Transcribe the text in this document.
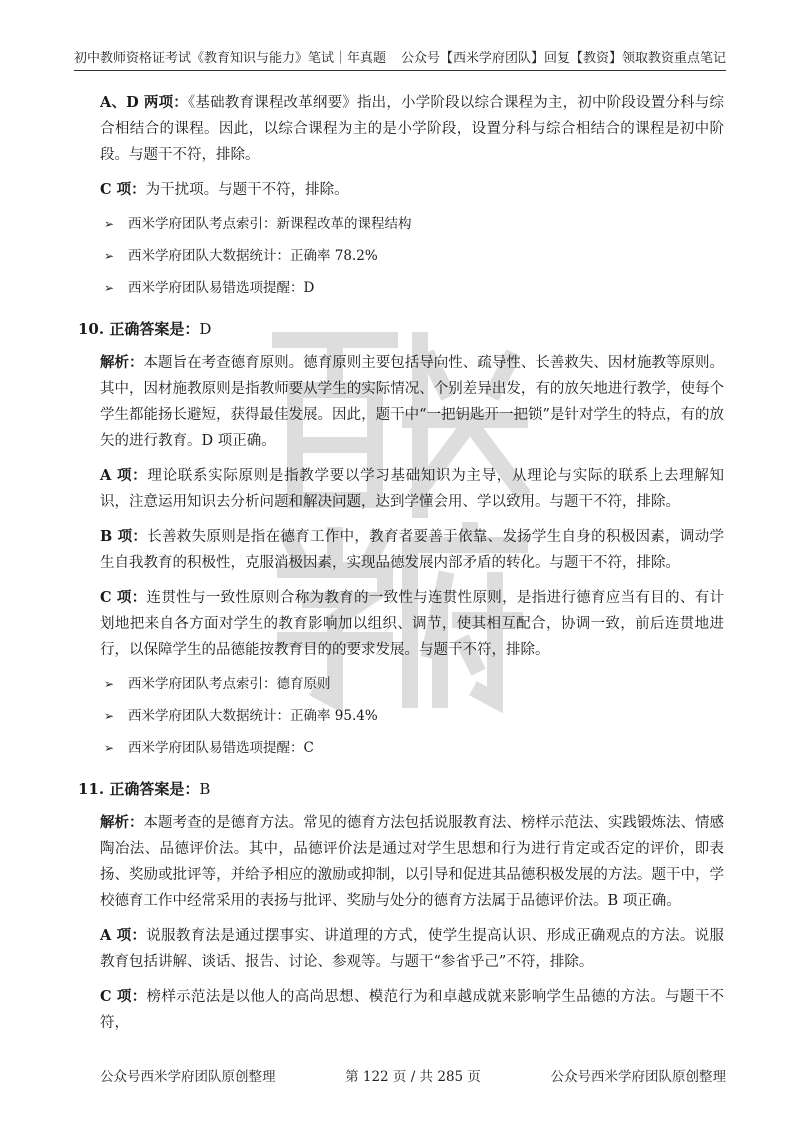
初中教师资格证考试《教育知识与能力》笔试｜年真题 公众号【西米学府团队】回复【教资】领取教资重点笔记
西米学府

A、D 两项：《基础教育课程改革纲要》指出，小学阶段以综合课程为主，初中阶段设置分科与综合相结合的课程。因此，以综合课程为主的是小学阶段，设置分科与综合相结合的课程是初中阶段。与题干不符，排除。

C 项：为干扰项。与题干不符，排除。

➢ 西米学府团队考点索引：新课程改革的课程结构
➢ 西米学府团队大数据统计：正确率 78.2%
➢ 西米学府团队易错选项提醒：D
10. 正确答案是：D

解析：本题旨在考查德育原则。德育原则主要包括导向性、疏导性、长善救失、因材施教等原则。其中，因材施教原则是指教师要从学生的实际情况、个别差异出发，有的放矢地进行教学，使每个学生都能扬长避短，获得最佳发展。因此，题干中“一把钥匙开一把锁”是针对学生的特点，有的放矢的进行教育。D 项正确。

A 项：理论联系实际原则是指教学要以学习基础知识为主导，从理论与实际的联系上去理解知识，注意运用知识去分析问题和解决问题，达到学懂会用、学以致用。与题干不符，排除。

B 项：长善救失原则是指在德育工作中，教育者要善于依靠、发扬学生自身的积极因素，调动学生自我教育的积极性，克服消极因素，实现品德发展内部矛盾的转化。与题干不符，排除。

C 项：连贯性与一致性原则合称为教育的一致性与连贯性原则，是指进行德育应当有目的、有计划地把来自各方面对学生的教育影响加以组织、调节，使其相互配合，协调一致，前后连贯地进行，以保障学生的品德能按教育目的的要求发展。与题干不符，排除。

➢ 西米学府团队考点索引：德育原则
➢ 西米学府团队大数据统计：正确率 95.4%
➢ 西米学府团队易错选项提醒：C
11. 正确答案是：B

解析：本题考查的是德育方法。常见的德育方法包括说服教育法、榜样示范法、实践锻炼法、情感陶冶法、品德评价法。其中，品德评价法是通过对学生思想和行为进行肯定或否定的评价，即表扬、奖励或批评等，并给予相应的激励或抑制，以引导和促进其品德积极发展的方法。题干中，学校德育工作中经常采用的表扬与批评、奖励与处分的德育方法属于品德评价法。B 项正确。

A 项：说服教育法是通过摆事实、讲道理的方式，使学生提高认识、形成正确观点的方法。说服教育包括讲解、谈话、报告、讨论、参观等。与题干“参省乎己”不符，排除。

C 项：榜样示范法是以他人的高尚思想、模范行为和卓越成就来影响学生品德的方法。与题干不符，

公众号西米学府团队原创整理	第 122 页 / 共 285 页	公众号西米学府团队原创整理
